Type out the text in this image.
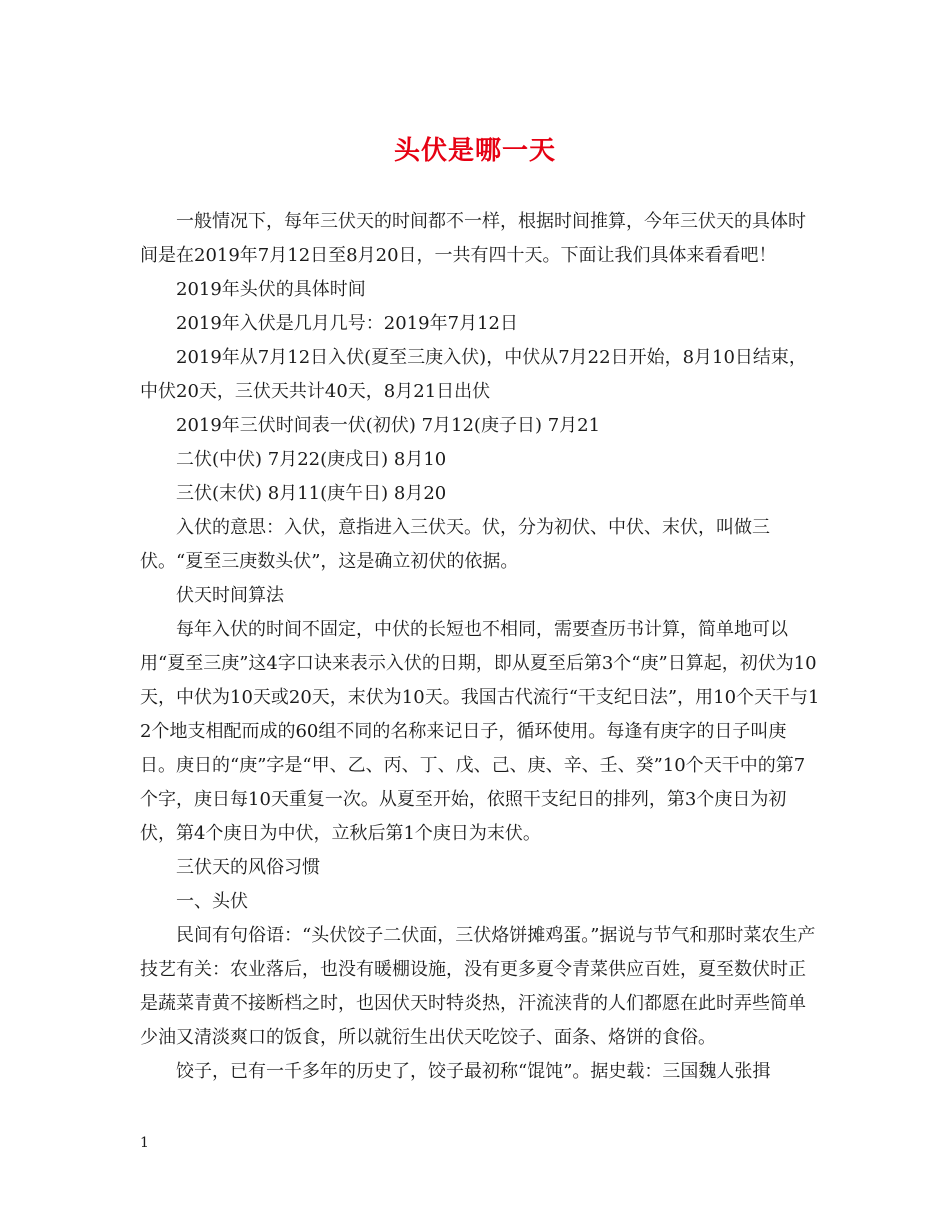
头伏是哪一天

一般情况下，每年三伏天的时间都不一样，根据时间推算，今年三伏天的具体时间是在2019年7月12日至8月20日，一共有四十天。下面让我们具体来看看吧！

2019年头伏的具体时间

2019年入伏是几月几号：2019年7月12日

2019年从7月12日入伏(夏至三庚入伏)，中伏从7月22日开始，8月10日结束，中伏20天，三伏天共计40天，8月21日出伏

2019年三伏时间表一伏(初伏) 7月12(庚子日) 7月21

二伏(中伏) 7月22(庚戌日) 8月10

三伏(末伏) 8月11(庚午日) 8月20

入伏的意思：入伏，意指进入三伏天。伏，分为初伏、中伏、末伏，叫做三伏。“夏至三庚数头伏”，这是确立初伏的依据。

伏天时间算法

每年入伏的时间不固定，中伏的长短也不相同，需要查历书计算，简单地可以用“夏至三庚”这4字口诀来表示入伏的日期，即从夏至后第3个“庚”日算起，初伏为10天，中伏为10天或20天，末伏为10天。我国古代流行“干支纪日法”，用10个天干与12个地支相配而成的60组不同的名称来记日子，循环使用。每逢有庚字的日子叫庚日。庚日的“庚”字是“甲、乙、丙、丁、戊、己、庚、辛、壬、癸”10个天干中的第7个字，庚日每10天重复一次。从夏至开始，依照干支纪日的排列，第3个庚日为初伏，第4个庚日为中伏，立秋后第1个庚日为末伏。

三伏天的风俗习惯

一、头伏

民间有句俗语：“头伏饺子二伏面，三伏烙饼摊鸡蛋。”据说与节气和那时菜农生产技艺有关：农业落后，也没有暖棚设施，没有更多夏令青菜供应百姓，夏至数伏时正是蔬菜青黄不接断档之时，也因伏天时特炎热，汗流浃背的人们都愿在此时弄些简单少油又清淡爽口的饭食，所以就衍生出伏天吃饺子、面条、烙饼的食俗。

饺子，已有一千多年的历史了，饺子最初称“馄饨”。据史载：三国魏人张揖

1
